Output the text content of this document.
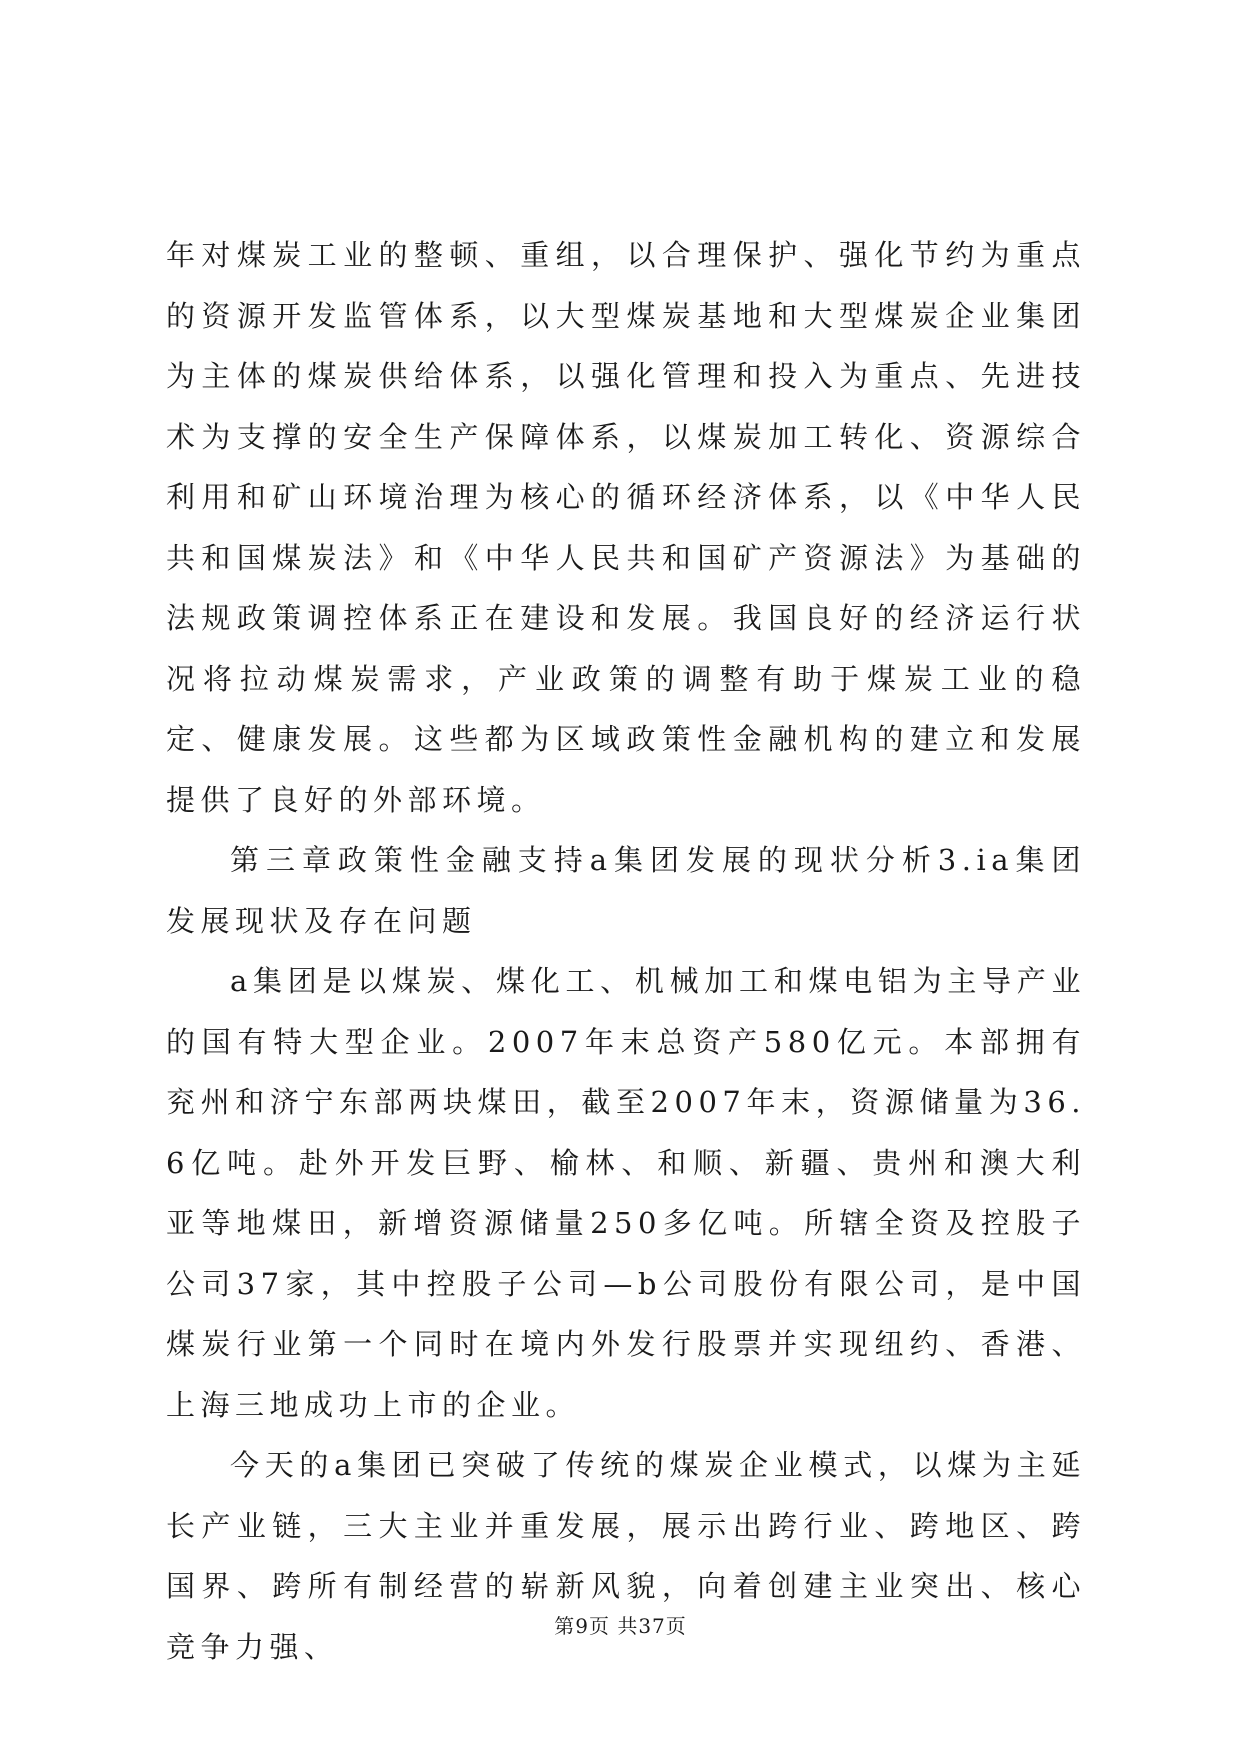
年对煤炭工业的整顿、重组，以合理保护、强化节约为重点的资源开发监管体系，以大型煤炭基地和大型煤炭企业集团为主体的煤炭供给体系，以强化管理和投入为重点、先进技术为支撑的安全生产保障体系，以煤炭加工转化、资源综合利用和矿山环境治理为核心的循环经济体系，以《中华人民共和国煤炭法》和《中华人民共和国矿产资源法》为基础的法规政策调控体系正在建设和发展。我国良好的经济运行状况将拉动煤炭需求，产业政策的调整有助于煤炭工业的稳定、健康发展。这些都为区域政策性金融机构的建立和发展提供了良好的外部环境。

第三章政策性金融支持a集团发展的现状分析3.ia集团发展现状及存在问题

a集团是以煤炭、煤化工、机械加工和煤电铝为主导产业的国有特大型企业。2007年末总资产580亿元。本部拥有兖州和济宁东部两块煤田，截至2007年末，资源储量为36.6亿吨。赴外开发巨野、榆林、和顺、新疆、贵州和澳大利亚等地煤田，新增资源储量250多亿吨。所辖全资及控股子公司37家，其中控股子公司—b公司股份有限公司，是中国煤炭行业第一个同时在境内外发行股票并实现纽约、香港、上海三地成功上市的企业。

今天的a集团已突破了传统的煤炭企业模式，以煤为主延长产业链，三大主业并重发展，展示出跨行业、跨地区、跨国界、跨所有制经营的崭新风貌，向着创建主业突出、核心竞争力强、

第9页 共37页
